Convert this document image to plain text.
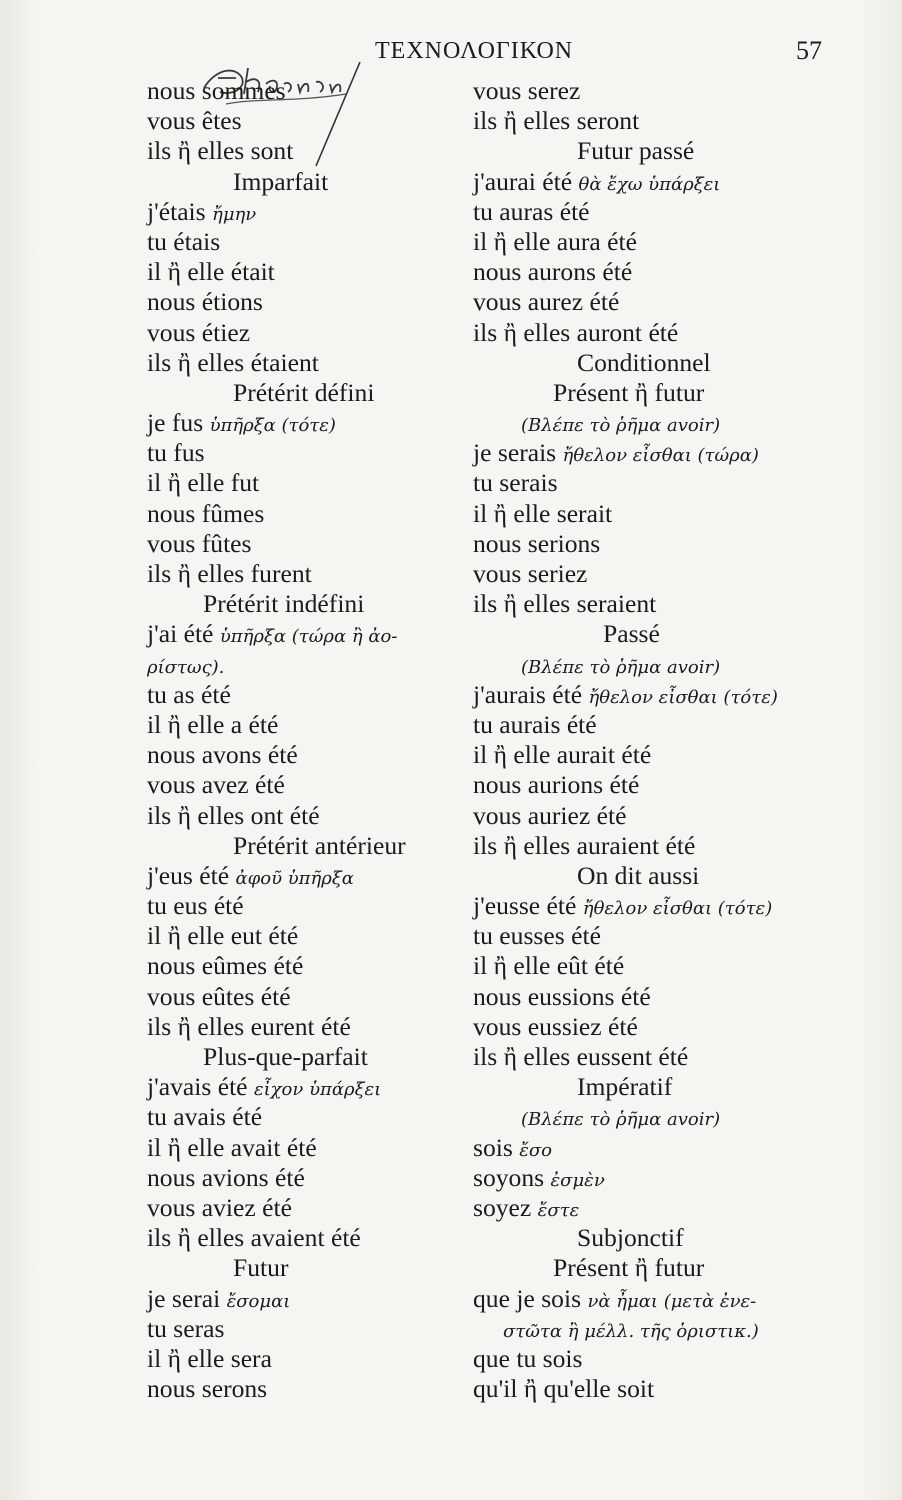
ΤΕΧΝΟΛΟΓΙΚΟΝ	57
nous sommes
vous êtes
ils ἢ elles sont
Imparfait
j'étais ἤμην
tu étais
il ἢ elle était
nous étions
vous étiez
ils ἢ elles étaient
Prétérit défini
je fus ὑπῆρξα (τότε)
tu fus
il ἢ elle fut
nous fûmes
vous fûtes
ils ἢ elles furent
Prétérit indéfini
j'ai été ὑπῆρξα (τώρα ἢ ἀο-
ρίστως).
tu as été
il ἢ elle a été
nous avons été
vous avez été
ils ἢ elles ont été
Prétérit antérieur
j'eus été ἀφοῦ ὑπῆρξα
tu eus été
il ἢ elle eut été
nous eûmes été
vous eûtes été
ils ἢ elles eurent été
Plus-que-parfait
j'avais été εἶχον ὑπάρξει
tu avais été
il ἢ elle avait été
nous avions été
vous aviez été
ils ἢ elles avaient été
Futur
je serai ἔσομαι
tu seras
il ἢ elle sera
nous serons
vous serez
ils ἢ elles seront
Futur passé
j'aurai été θὰ ἔχω ὑπάρξει
tu auras été
il ἢ elle aura été
nous aurons été
vous aurez été
ils ἢ elles auront été
Conditionnel
Présent ἢ futur
(Βλέπε τὸ ῥῆμα avoir)
je serais ἤθελον εἶσθαι (τώρα)
tu serais
il ἢ elle serait
nous serions
vous seriez
ils ἢ elles seraient
Passé
(Βλέπε τὸ ῥῆμα avoir)
j'aurais été ἤθελον εἶσθαι (τότε)
tu aurais été
il ἢ elle aurait été
nous aurions été
vous auriez été
ils ἢ elles auraient été
On dit aussi
j'eusse été ἤθελον εἶσθαι (τότε)
tu eusses été
il ἢ elle eût été
nous eussions été
vous eussiez été
ils ἢ elles eussent été
Impératif
(Βλέπε τὸ ῥῆμα avoir)
sois ἔσο
soyons ἐσμὲν
soyez ἔστε
Subjonctif
Présent ἢ futur
que je sois νὰ ἦμαι (μετὰ ἐνε-
στῶτα ἢ μέλλ. τῆς ὁριστικ.)
que tu sois
qu'il ἢ qu'elle soit
